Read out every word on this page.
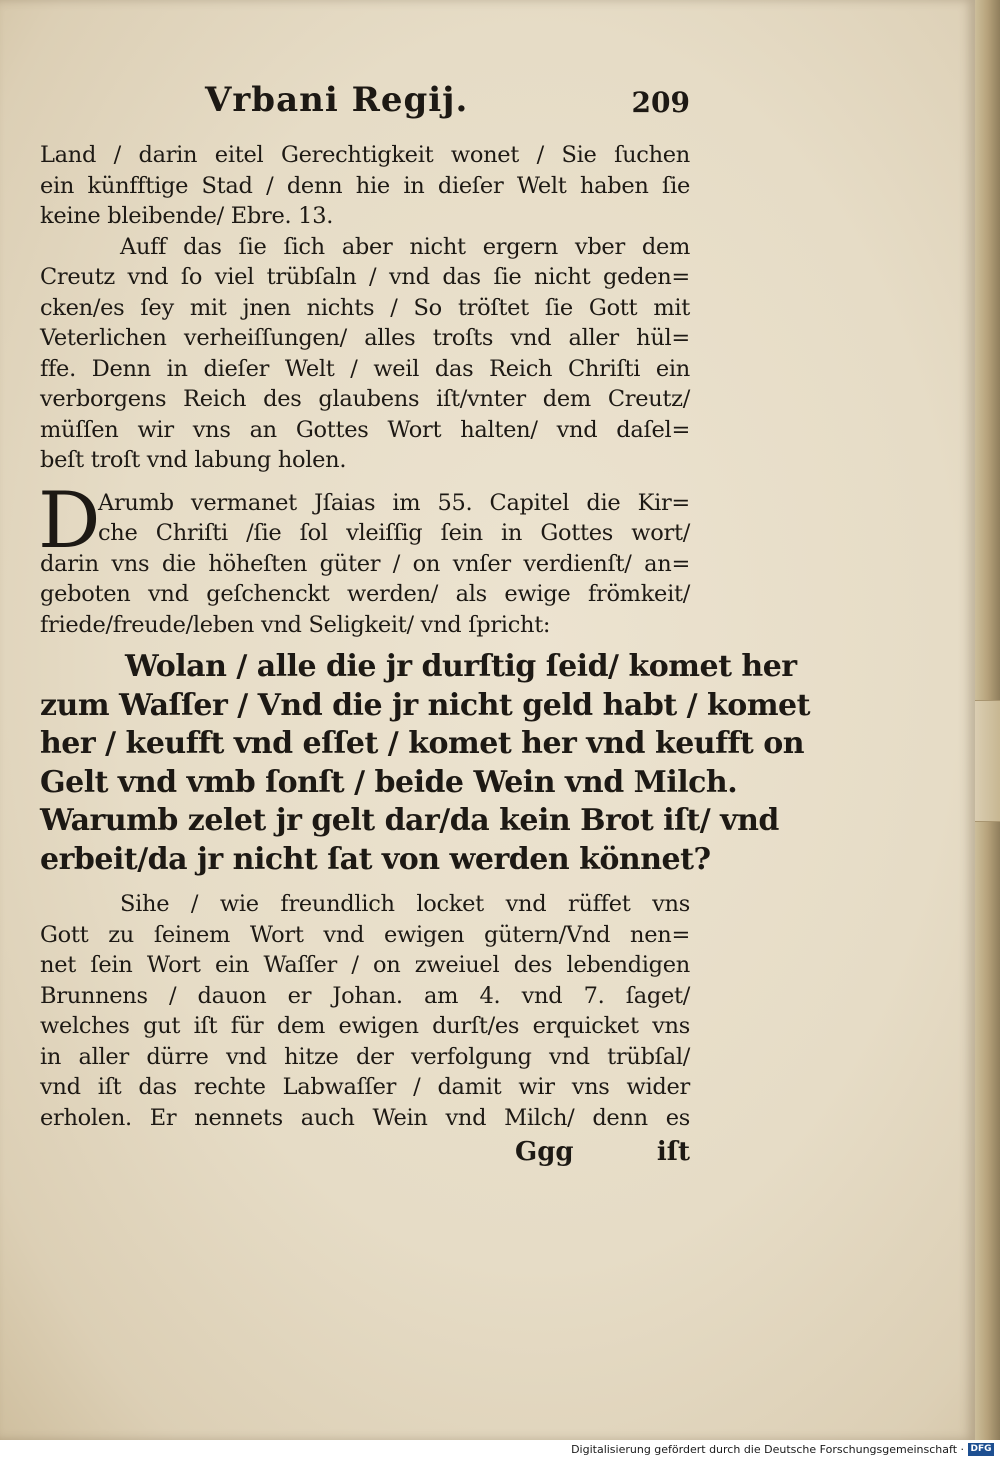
Vrbani Regij.	209
Land / darin eitel Gerechtigkeit wonet / Sie ſuchen
ein künfftige Stad / denn hie in dieſer Welt haben ſie
keine bleibende/ Ebre. 13.
Auff das ſie ſich aber nicht ergern vber dem
Creutz vnd ſo viel trübſaln / vnd das ſie nicht geden=
cken/es ſey mit jnen nichts / So tröſtet ſie Gott mit
Veterlichen verheiſſungen/ alles troſts vnd aller hül=
ffe. Denn in dieſer Welt / weil das Reich Chriſti ein
verborgens Reich des glaubens iſt/vnter dem Creutz/
müſſen wir vns an Gottes Wort halten/ vnd daſel=
beſt troſt vnd labung holen.
D
Arumb vermanet Jſaias im 55. Capitel die Kir=
che Chriſti /ſie ſol vleiſſig ſein in Gottes wort/
darin vns die höheſten güter / on vnſer verdienſt/ an=
geboten vnd geſchenckt werden/ als ewige frömkeit/
friede/freude/leben vnd Seligkeit/ vnd ſpricht:
Wolan / alle die jr durſtig ſeid/ komet her
zum Waſſer / Vnd die jr nicht geld habt / komet
her / keufft vnd eſſet / komet her vnd keufft on
Gelt vnd vmb ſonſt / beide Wein vnd Milch.
Warumb zelet jr gelt dar/da kein Brot iſt/ vnd
erbeit/da jr nicht ſat von werden könnet?
Sihe / wie freundlich locket vnd rüffet vns
Gott zu ſeinem Wort vnd ewigen gütern/Vnd nen=
net ſein Wort ein Waſſer / on zweiuel des lebendigen
Brunnens / dauon er Johan. am 4. vnd 7. ſaget/
welches gut iſt für dem ewigen durſt/es erquicket vns
in aller dürre vnd hitze der verfolgung vnd trübſal/
vnd iſt das rechte Labwaſſer / damit wir vns wider
erholen. Er nennets auch Wein vnd Milch/ denn es
Ggg	iſt
Digitalisierung gefördert durch die Deutsche Forschungsgemeinschaft · DFG
